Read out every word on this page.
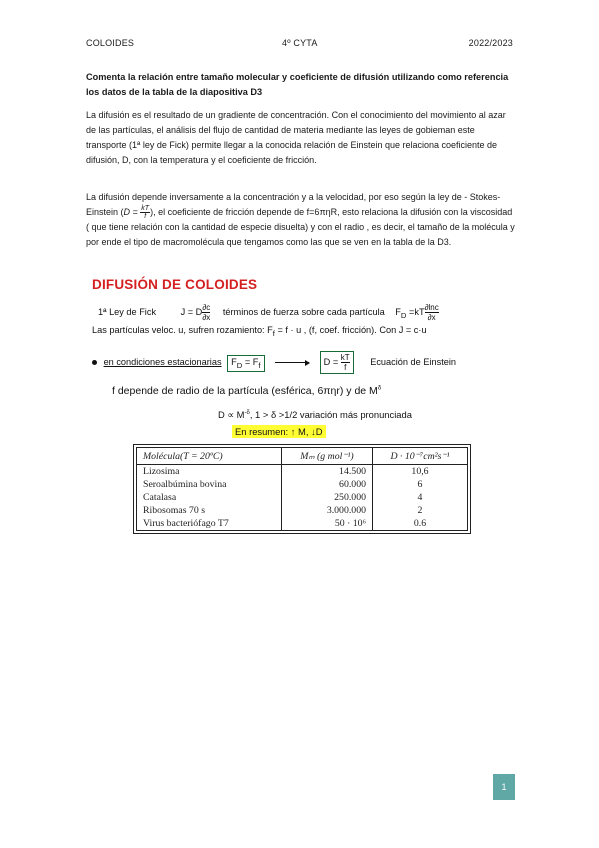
COLOIDES	4º CYTA	2022/2023
Comenta la relación entre tamaño molecular y coeficiente de difusión utilizando como referencia los datos de la tabla de la diapositiva D3
La difusión es el resultado de un gradiente de concentración. Con el conocimiento del movimiento al azar de las partículas, el análisis del flujo de cantidad de materia mediante las leyes de gobieman este transporte (1ª ley de Fick) permite llegar a la conocida relación de Einstein que relaciona coeficiente de difusión, D, con la temperatura y el coeficiente de fricción.
La difusión depende inversamente a la concentración y a la velocidad, por eso según la ley de - Stokes-Einstein ($D = \frac{kT}{f}$ ), el coeficiente de fricción depende de f=6πηR, esto relaciona la difusión con la viscosidad ( que tiene relación con la cantidad de especie disuelta) y con el radio , es decir, el tamaño de la molécula y por ende el tipo de macromolécula que tengamos como las que se ven en la tabla de la D3.
DIFUSIÓN DE COLOIDES
1ª Ley de Fick	J = D $\frac{\partial c}{\partial x}$ términos de fuerza sobre cada partícula $F_D =kT \frac{\partial\ln c}{\partial x}$
Las partículas veloc. u, sufren rozamiento: $F_f = f \cdot u$ , (f, coef. fricción). Con J = c·u
en condiciones estacionarias $F_D = F_f$	$D = \frac{kT}{f}$ Ecuación de Einstein
f depende de radio de la partícula (esférica, 6πηr) y de $M^\delta$
$D \propto M^{-\delta}$, 1 > δ >1/2 variación más pronunciada
En resumen: ↑ M, ↓D
Molécula(T = 20ºC)	Mₘ (g mol⁻¹)	D · 10⁻⁷cm²s⁻¹
Lizosima	14.500	10,6
Seroalbúmina bovina	60.000	6
Catalasa	250.000	4
Ribosomas 70 s	3.000.000	2
Virus bacteriófago T7	50 · 10⁶	0.6
1
